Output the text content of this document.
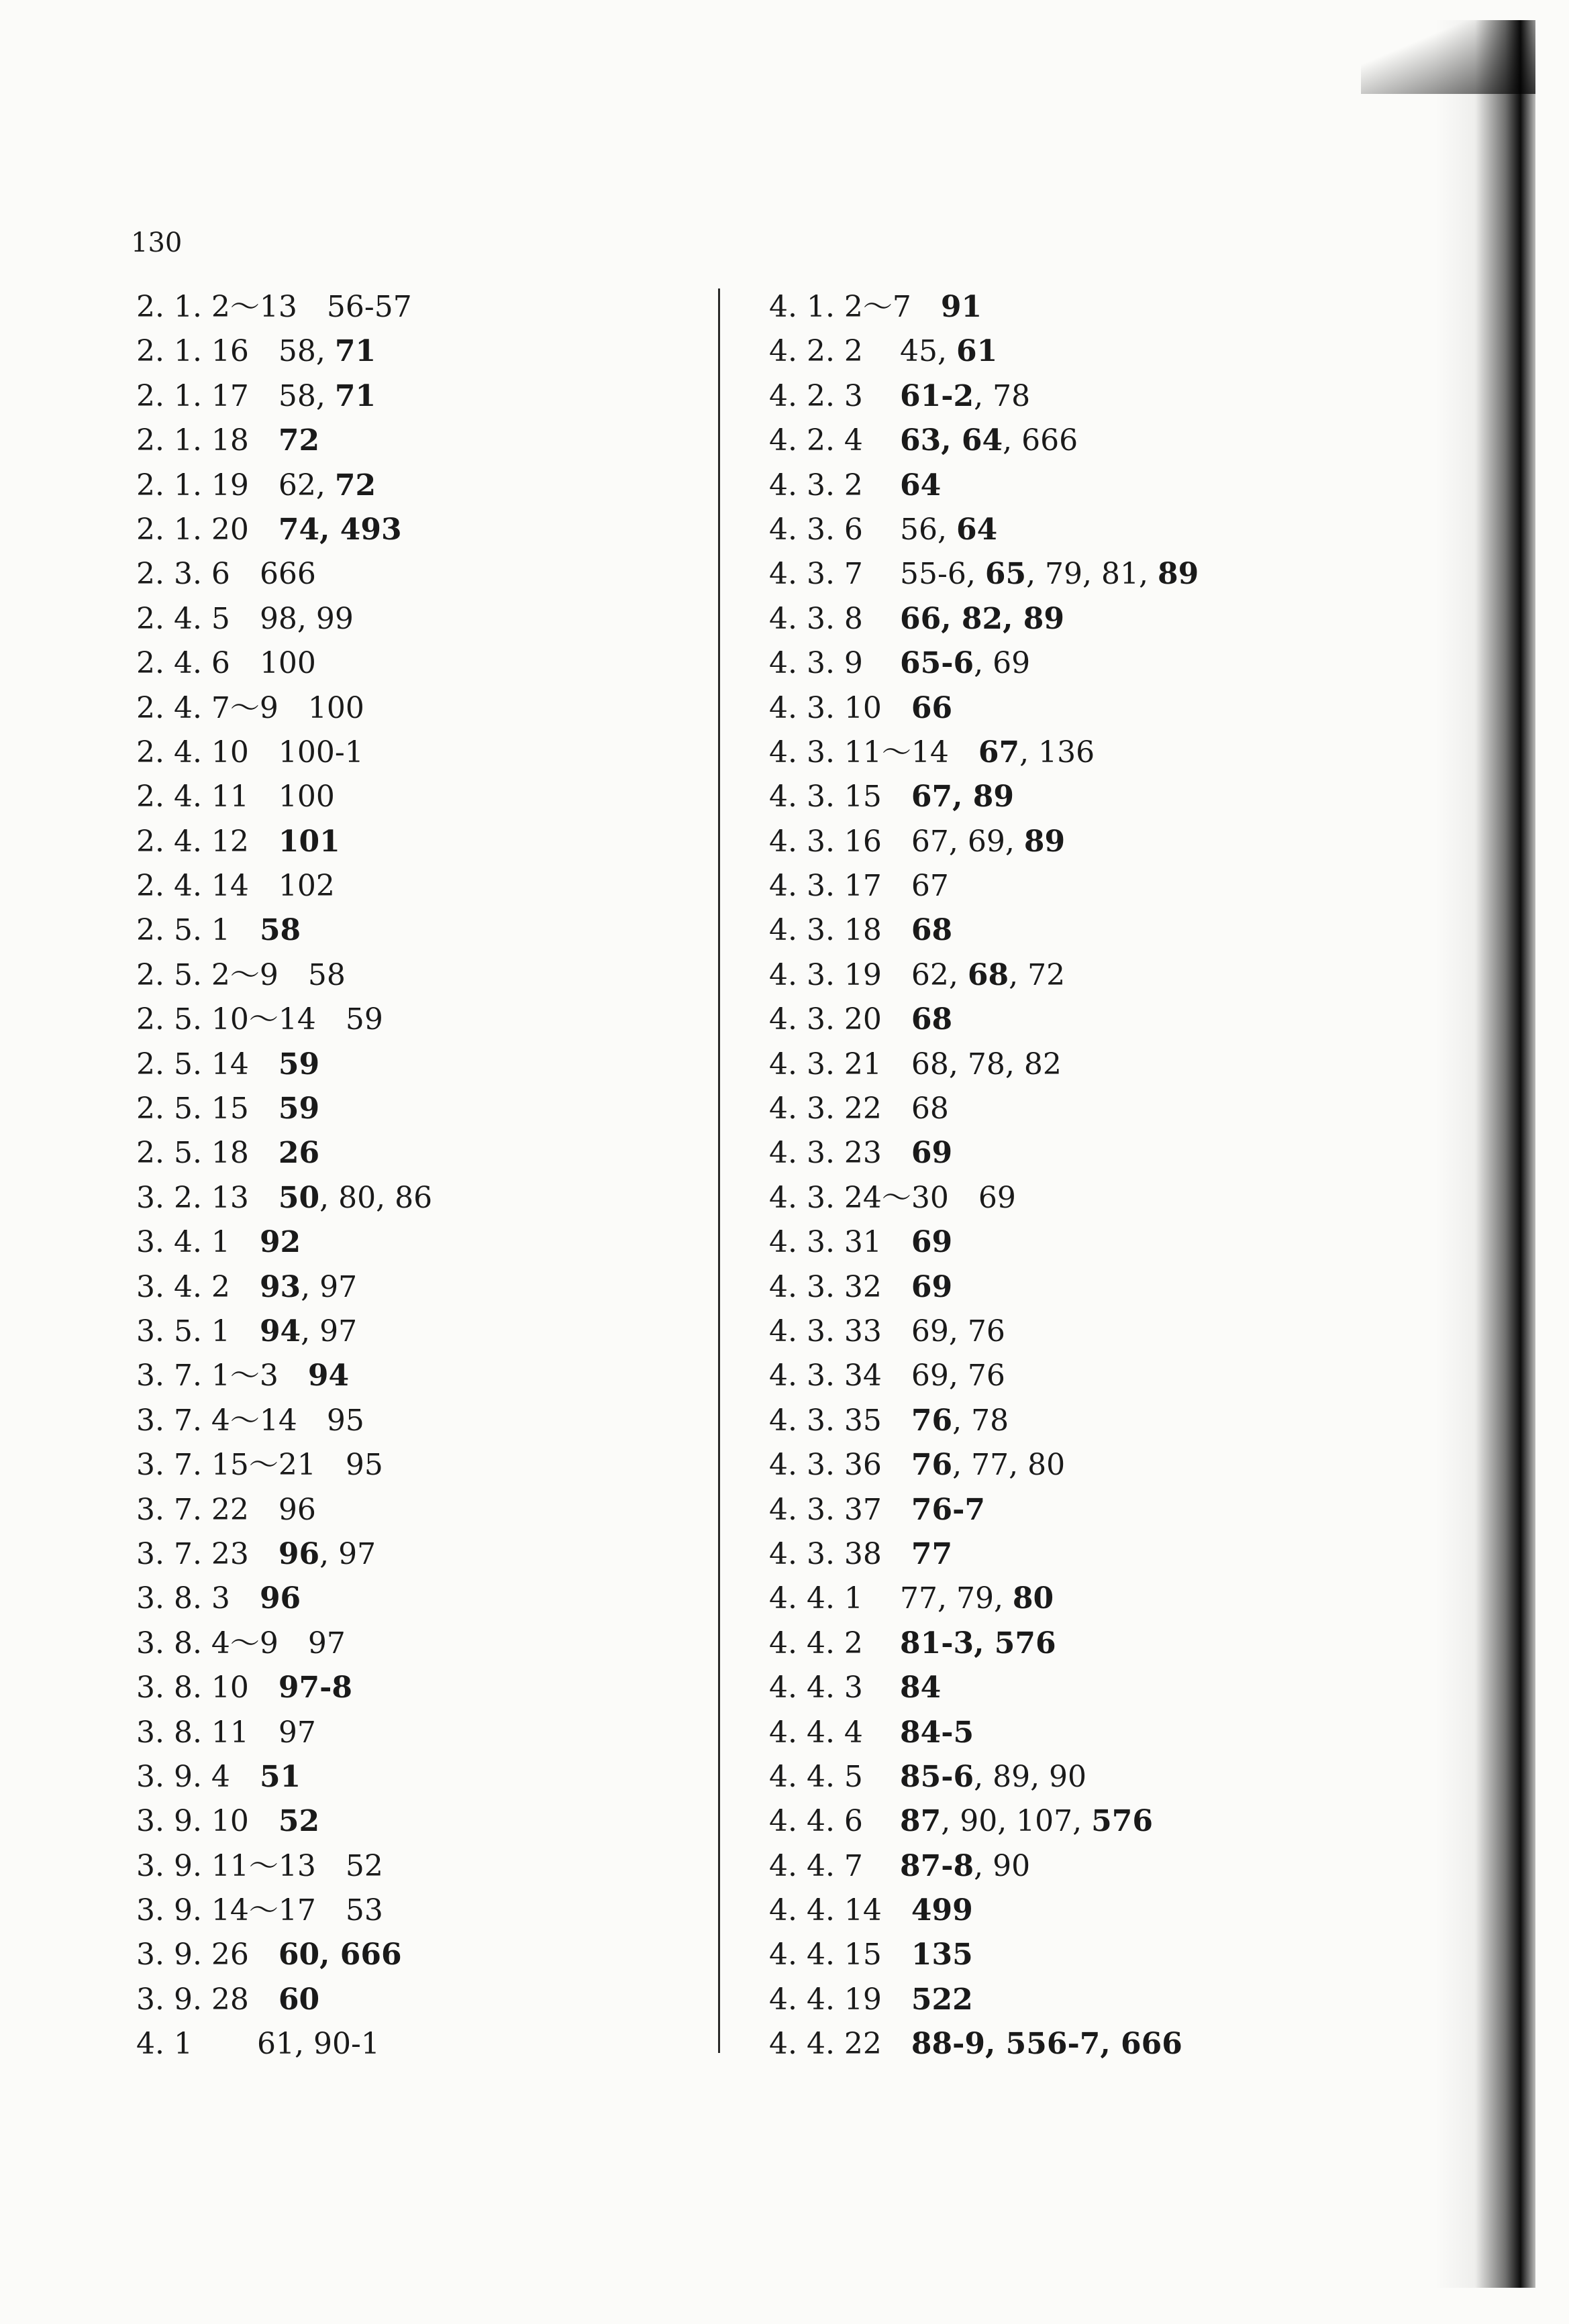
130
2. 1. 2～13 56-57
2. 1. 16 58, 71
2. 1. 17 58, 71
2. 1. 18 72
2. 1. 19 62, 72
2. 1. 20 74, 493
2. 3. 6 666
2. 4. 5 98, 99
2. 4. 6 100
2. 4. 7～9 100
2. 4. 10 100-1
2. 4. 11 100
2. 4. 12 101
2. 4. 14 102
2. 5. 1 58
2. 5. 2～9 58
2. 5. 10～14 59
2. 5. 14 59
2. 5. 15 59
2. 5. 18 26
3. 2. 13 50, 80, 86
3. 4. 1 92
3. 4. 2 93, 97
3. 5. 1 94, 97
3. 7. 1～3 94
3. 7. 4～14 95
3. 7. 15～21 95
3. 7. 22 96
3. 7. 23 96, 97
3. 8. 3 96
3. 8. 4～9 97
3. 8. 10 97-8
3. 8. 11 97
3. 9. 4 51
3. 9. 10 52
3. 9. 11～13 52
3. 9. 14～17 53
3. 9. 26 60, 666
3. 9. 28 60
4. 1 61, 90-1
4. 1. 2～7 91
4. 2. 2 45, 61
4. 2. 3 61-2, 78
4. 2. 4 63, 64, 666
4. 3. 2 64
4. 3. 6 56, 64
4. 3. 7 55-6, 65, 79, 81, 89
4. 3. 8 66, 82, 89
4. 3. 9 65-6, 69
4. 3. 10 66
4. 3. 11～14 67, 136
4. 3. 15 67, 89
4. 3. 16 67, 69, 89
4. 3. 17 67
4. 3. 18 68
4. 3. 19 62, 68, 72
4. 3. 20 68
4. 3. 21 68, 78, 82
4. 3. 22 68
4. 3. 23 69
4. 3. 24～30 69
4. 3. 31 69
4. 3. 32 69
4. 3. 33 69, 76
4. 3. 34 69, 76
4. 3. 35 76, 78
4. 3. 36 76, 77, 80
4. 3. 37 76-7
4. 3. 38 77
4. 4. 1 77, 79, 80
4. 4. 2 81-3, 576
4. 4. 3 84
4. 4. 4 84-5
4. 4. 5 85-6, 89, 90
4. 4. 6 87, 90, 107, 576
4. 4. 7 87-8, 90
4. 4. 14 499
4. 4. 15 135
4. 4. 19 522
4. 4. 22 88-9, 556-7, 666
